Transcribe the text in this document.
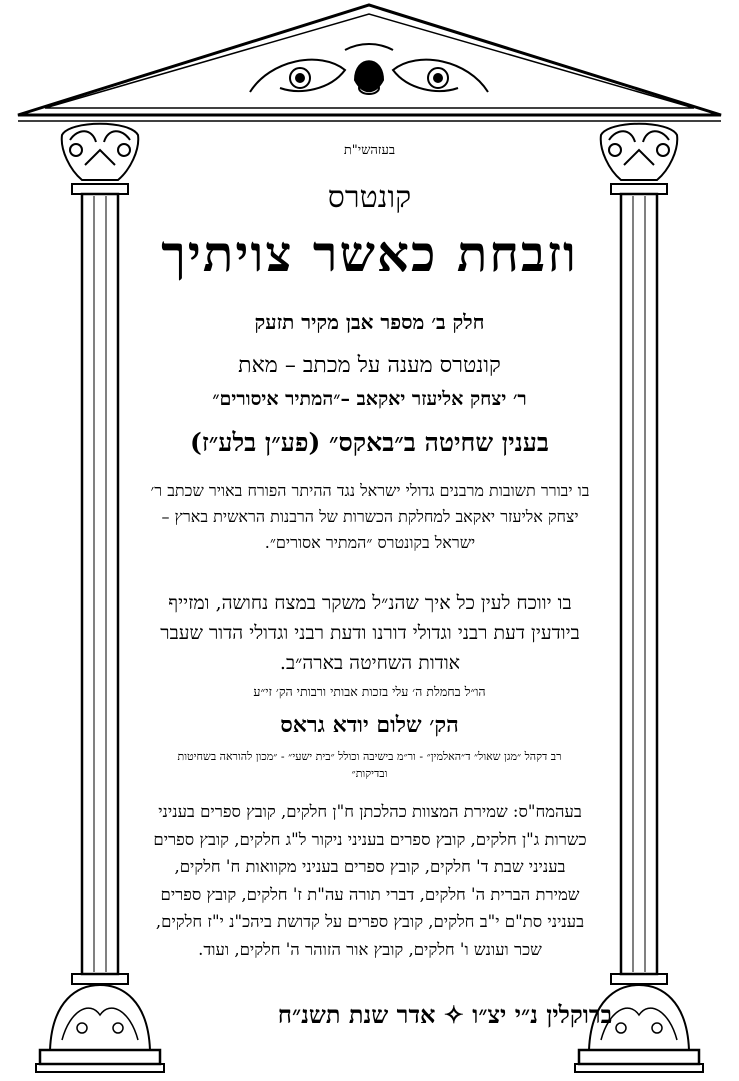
בעזהשי"ת
קונטרס
וזבחת כאשר צויתיך
חלק ב׳ מספר אבן מקיר תזעק
קונטרס מענה על מכתב – מאת
ר׳ יצחק אליעזר יאקאב –״המתיר איסורים״
בענין שחיטה ב״באקס״ (פע״ן בלע״ז)
בו יבורר תשובות מרבנים גדולי ישראל נגד ההיתר הפורח באויר שכתב ר׳ יצחק אליעזר יאקאב למחלקת הכשרות של הרבנות הראשית בארץ – ישראל בקונטרס ״המתיר אסורים״.
בו יווכח לעין כל איך שהנ״ל משקר במצח נחושה, ומזייף ביודעין דעת רבני וגדולי דורנו ודעת רבני וגדולי הדור שעבר אודות השחיטה בארה״ב.
הו״ל בחמלת ה׳ עלי בזכות אבותי ורבותי הק׳ זי״ע
הק׳ שלום יודא גראס
רב דקהל ״מגן שאול״ ד״האלמין״ - ור״מ בישיבה וכולל ״בית ישעי״ - ״מכון להוראה בשחיטות ובדיקות״
בעהמח"ס: שמירת המצוות כהלכתן ח"ן חלקים, קובץ ספרים בעניני כשרות ג"ן חלקים, קובץ ספרים בעניני ניקור ל"ג חלקים, קובץ ספרים בעניני שבת ד' חלקים, קובץ ספרים בעניני מקוואות ח' חלקים, שמירת הברית ה' חלקים, דברי תורה עה"ת ז' חלקים, קובץ ספרים בעניני סת"ם י"ב חלקים, קובץ ספרים על קדושת ביהכ"נ י"ז חלקים, שכר ועונש ו' חלקים, קובץ אור הזוהר ה' חלקים, ועוד.
ברוקלין נ״י יצ״ו ✧ אדר שנת תשנ״ח
